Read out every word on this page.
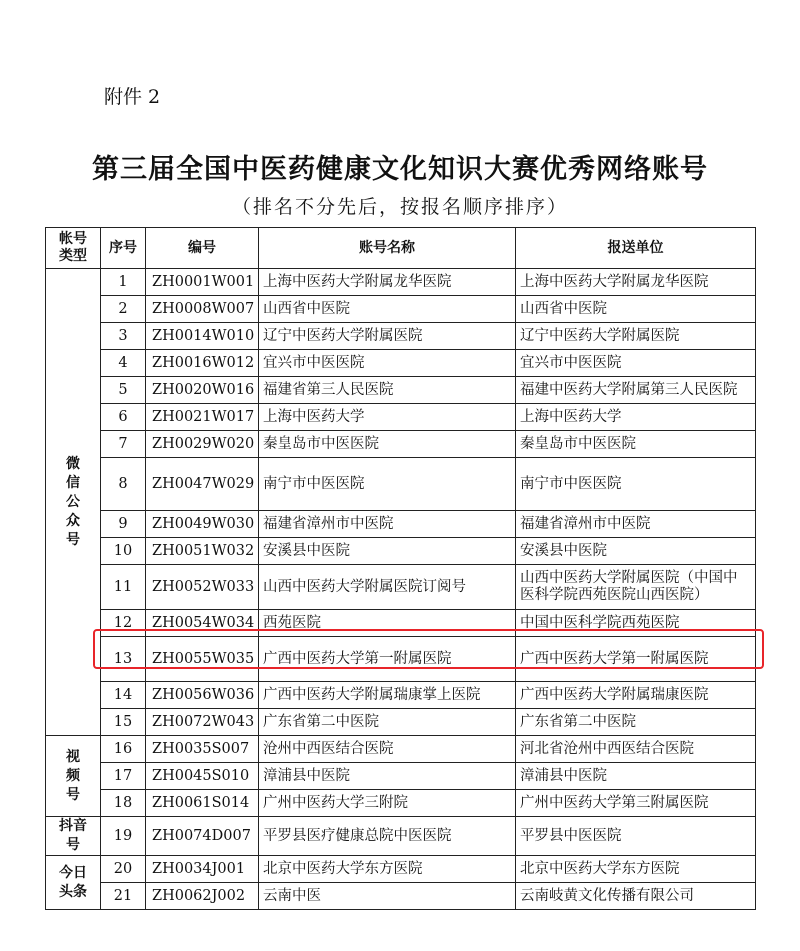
附件 2
第三届全国中医药健康文化知识大赛优秀网络账号
（排名不分先后，按报名顺序排序）
帐号
类型	序号	编号	账号名称	报送单位
微
信
公
众
号	1	ZH0001W001	上海中医药大学附属龙华医院	上海中医药大学附属龙华医院
	2	ZH0008W007	山西省中医院	山西省中医院
	3	ZH0014W010	辽宁中医药大学附属医院	辽宁中医药大学附属医院
	4	ZH0016W012	宜兴市中医医院	宜兴市中医医院
	5	ZH0020W016	福建省第三人民医院	福建中医药大学附属第三人民医院
	6	ZH0021W017	上海中医药大学	上海中医药大学
	7	ZH0029W020	秦皇岛市中医医院	秦皇岛市中医医院
	8	ZH0047W029	南宁市中医医院	南宁市中医医院
	9	ZH0049W030	福建省漳州市中医院	福建省漳州市中医院
	10	ZH0051W032	安溪县中医院	安溪县中医院
	11	ZH0052W033	山西中医药大学附属医院订阅号	山西中医药大学附属医院（中国中医科学院西苑医院山西医院）
	12	ZH0054W034	西苑医院	中国中医科学院西苑医院
	13	ZH0055W035	广西中医药大学第一附属医院	广西中医药大学第一附属医院
	14	ZH0056W036	广西中医药大学附属瑞康掌上医院	广西中医药大学附属瑞康医院
	15	ZH0072W043	广东省第二中医院	广东省第二中医院
视
频
号	16	ZH0035S007	沧州中西医结合医院	河北省沧州中西医结合医院
	17	ZH0045S010	漳浦县中医院	漳浦县中医院
	18	ZH0061S014	广州中医药大学三附院	广州中医药大学第三附属医院
抖音
号	19	ZH0074D007	平罗县医疗健康总院中医医院	平罗县中医医院
今日
头条	20	ZH0034J001	北京中医药大学东方医院	北京中医药大学东方医院
	21	ZH0062J002	云南中医	云南岐黄文化传播有限公司
